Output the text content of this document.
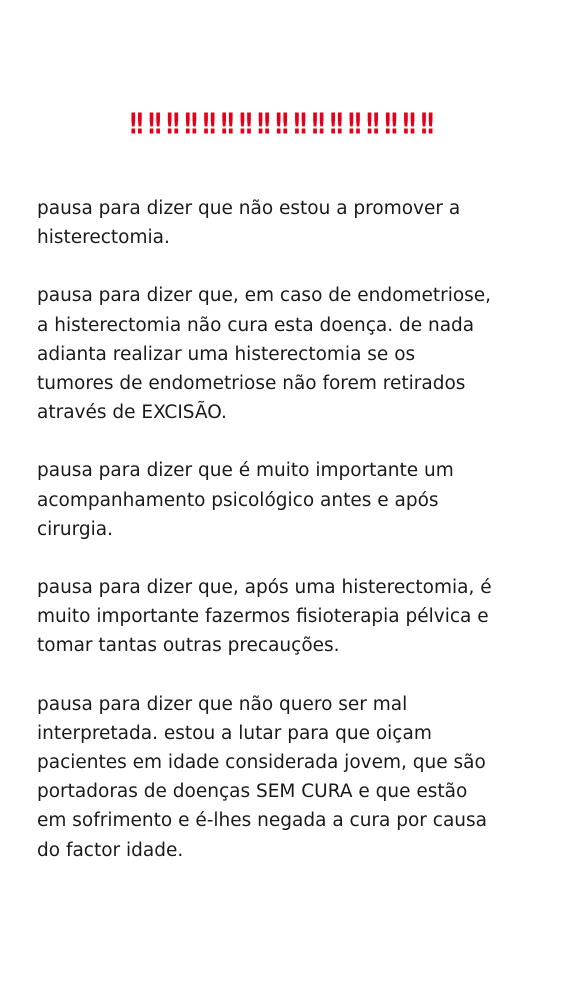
‼ ‼ ‼ ‼ ‼ ‼ ‼ ‼ ‼ ‼ ‼ ‼ ‼ ‼ ‼ ‼ ‼
pausa para dizer que não estou a promover a
histerectomia.
pausa para dizer que, em caso de endometriose,
a histerectomia não cura esta doença. de nada
adianta realizar uma histerectomia se os
tumores de endometriose não forem retirados
através de EXCISÃO.
pausa para dizer que é muito importante um
acompanhamento psicológico antes e após
cirurgia.
pausa para dizer que, após uma histerectomia, é
muito importante fazermos fisioterapia pélvica e
tomar tantas outras precauções.
pausa para dizer que não quero ser mal
interpretada. estou a lutar para que oiçam
pacientes em idade considerada jovem, que são
portadoras de doenças SEM CURA e que estão
em sofrimento e é-lhes negada a cura por causa
do factor idade.
